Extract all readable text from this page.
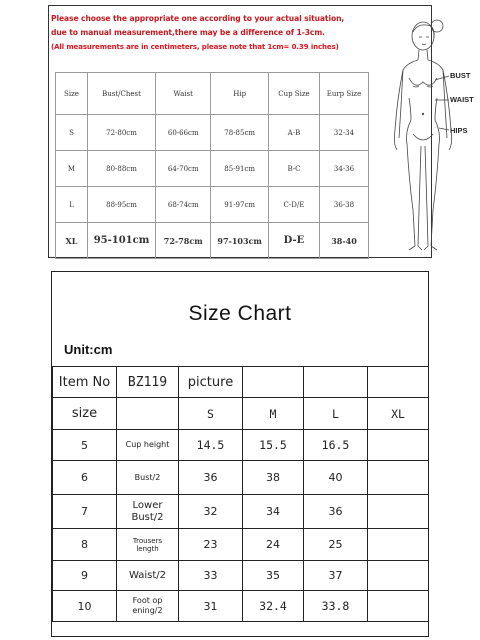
Please choose the appropriate one according to your actual situation,
due to manual measurement,there may be a difference of 1-3cm.
(All measurements are in centimeters, please note that 1cm= 0.39 inches)
Size	Bust/Chest	Waist	Hip	Cup Size	Eurp Size
S	72-80cm	60-66cm	78-85cm	A-B	32-34
M	80-88cm	64-70cm	85-91cm	B-C	34-36
L	88-95cm	68-74cm	91-97cm	C-D/E	36-38
XL	95-101cm	72-78cm	97-103cm	D-E	38-40
BUST
WAIST
HIPS
Size Chart
Unit:cm
Item No	BZ119	picture			
size		S	M	L	XL
5	Cup height	14.5	15.5	16.5	
6	Bust/2	36	38	40	
7	Lower Bust/2	32	34	36	
8	Trousers length	23	24	25	
9	Waist/2	33	35	37	
10	Foot op ening/2	31	32.4	33.8	
